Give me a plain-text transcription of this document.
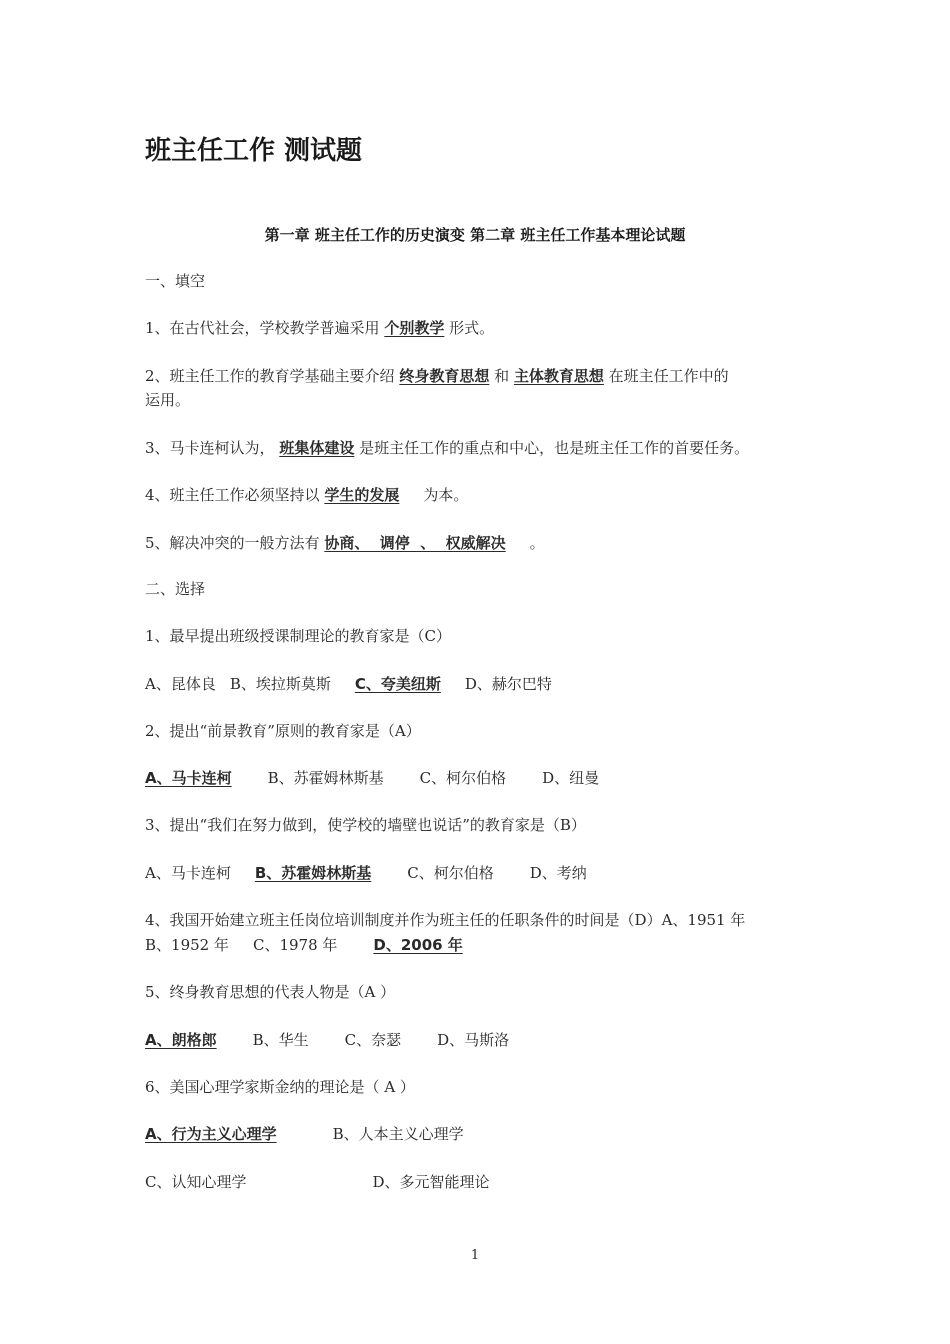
班主任工作 测试题
第一章 班主任工作的历史演变 第二章 班主任工作基本理论试题
一、填空
1、在古代社会，学校教学普遍采用 个别教学 形式。
2、班主任工作的教育学基础主要介绍 终身教育思想 和 主体教育思想 在班主任工作中的
运用。
3、马卡连柯认为， 班集体建设 是班主任工作的重点和中心，也是班主任工作的首要任务。
4、班主任工作必须坚持以 学生的发展 为本。
5、解决冲突的一般方法有 协商、  调停  、  权威解决 。
二、选择
1、最早提出班级授课制理论的教育家是（C）
A、昆体良 B、埃拉斯莫斯 C、夸美纽斯 D、赫尔巴特
2、提出“前景教育”原则的教育家是（A）
A、马卡连柯 B、苏霍姆林斯基 C、柯尔伯格 D、纽曼
3、提出“我们在努力做到，使学校的墙壁也说话”的教育家是（B）
A、马卡连柯 B、苏霍姆林斯基 C、柯尔伯格 D、考纳
4、我国开始建立班主任岗位培训制度并作为班主任的任职条件的时间是（D）A、1951 年
B、1952 年 C、1978 年 D、2006 年
5、终身教育思想的代表人物是（A ）
A、朗格郎 B、华生 C、奈瑟 D、马斯洛
6、美国心理学家斯金纳的理论是（ A ）
A、行为主义心理学	B、人本主义心理学
C、认知心理学	D、多元智能理论
1
